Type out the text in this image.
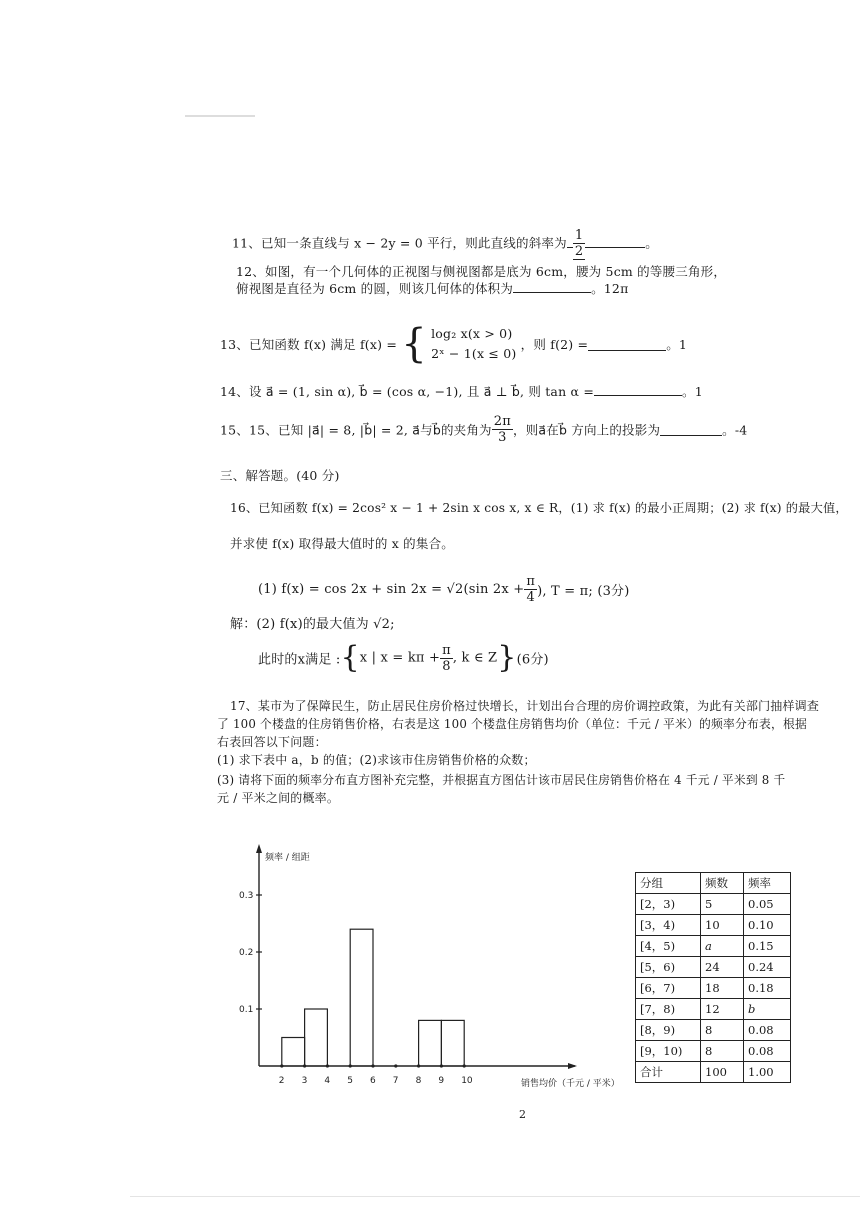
11、已知一条直线与 x − 2y = 0 平行，则此直线的斜率为 $\frac{1}{2}$	。
12、如图，有一个几何体的正视图与侧视图都是底为 6cm，腰为 5cm 的等腰三角形，
俯视图是直径为 6cm 的圆，则该几何体的体积为	。12π
13、已知函数 f(x) 满足 f(x) = { log₂ x(x > 0)
2ˣ − 1(x ≤ 0)
，则 f(2) =	。1
14、设 a⃗ = (1, sin α), b⃗ = (cos α, −1), 且 a⃗ ⊥ b⃗, 则 tan α =	。1
15、15、已知 |a⃗| = 8, |b⃗| = 2, a⃗与b⃗的夹角为 $\frac{2\pi}{3}$ ，则a⃗在b⃗ 方向上的投影为	。-4
三、解答题。(40 分)
16、已知函数 f(x) = 2cos² x − 1 + 2sin x cos x, x ∈ R，(1) 求 f(x) 的最小正周期；(2) 求 f(x) 的最大值，
并求使 f(x) 取得最大值时的 x 的集合。
(1) f(x) = cos 2x + sin 2x = √2(sin $2x + \frac{\pi}{4}$ ), T = π; (3分)
解：(2) f(x)的最大值为 √2;
此时的x满足 :{x | $x = k\pi + \frac{\pi}{8}$ , k ∈ Z}(6分)
17、某市为了保障民生，防止居民住房价格过快增长，计划出台合理的房价调控政策，为此有关部门抽样调查
了 100 个楼盘的住房销售价格，右表是这 100 个楼盘住房销售均价（单位：千元 / 平米）的频率分布表，根据
右表回答以下问题：
(1) 求下表中 a，b 的值；(2)求该市住房销售价格的众数；
(3) 请将下面的频率分布直方图补充完整，并根据直方图估计该市居民住房销售价格在 4 千元 / 平米到 8 千
元 / 平米之间的概率。
频率 / 组距
销售均价（千元 / 平米）
0.1
0.2
0.3
2 3 4 5 6 7 8 9 10
分组	频数	频率
[2，3)	5	0.05
[3，4)	10	0.10
[4，5)	a	0.15
[5，6)	24	0.24
[6，7)	18	0.18
[7，8)	12	b
[8，9)	8	0.08
[9，10)	8	0.08
合计	100	1.00
2
